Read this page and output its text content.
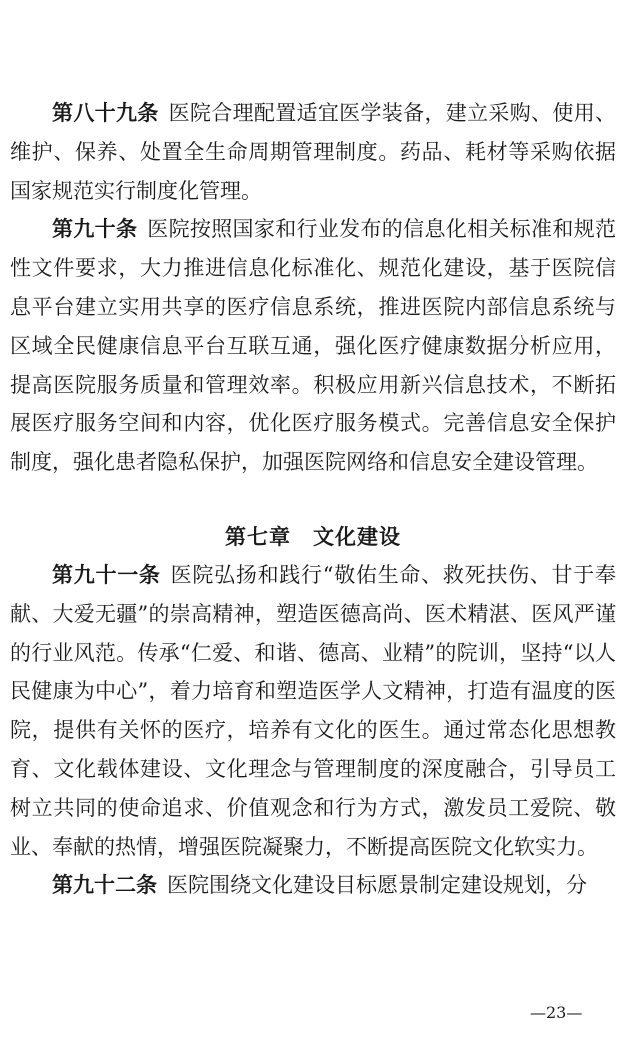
第八十九条 医院合理配置适宜医学装备，建立采购、使用、维护、保养、处置全生命周期管理制度。药品、耗材等采购依据国家规范实行制度化管理。

第九十条 医院按照国家和行业发布的信息化相关标准和规范性文件要求，大力推进信息化标准化、规范化建设，基于医院信息平台建立实用共享的医疗信息系统，推进医院内部信息系统与区域全民健康信息平台互联互通，强化医疗健康数据分析应用，提高医院服务质量和管理效率。积极应用新兴信息技术，不断拓展医疗服务空间和内容，优化医疗服务模式。完善信息安全保护制度，强化患者隐私保护，加强医院网络和信息安全建设管理。

第七章 文化建设

第九十一条 医院弘扬和践行“敬佑生命、救死扶伤、甘于奉献、大爱无疆”的崇高精神，塑造医德高尚、医术精湛、医风严谨的行业风范。传承“仁爱、和谐、德高、业精”的院训，坚持“以人民健康为中心”，着力培育和塑造医学人文精神，打造有温度的医院，提供有关怀的医疗，培养有文化的医生。通过常态化思想教育、文化载体建设、文化理念与管理制度的深度融合，引导员工树立共同的使命追求、价值观念和行为方式，激发员工爱院、敬业、奉献的热情，增强医院凝聚力，不断提高医院文化软实力。

第九十二条 医院围绕文化建设目标愿景制定建设规划，分

—23—
